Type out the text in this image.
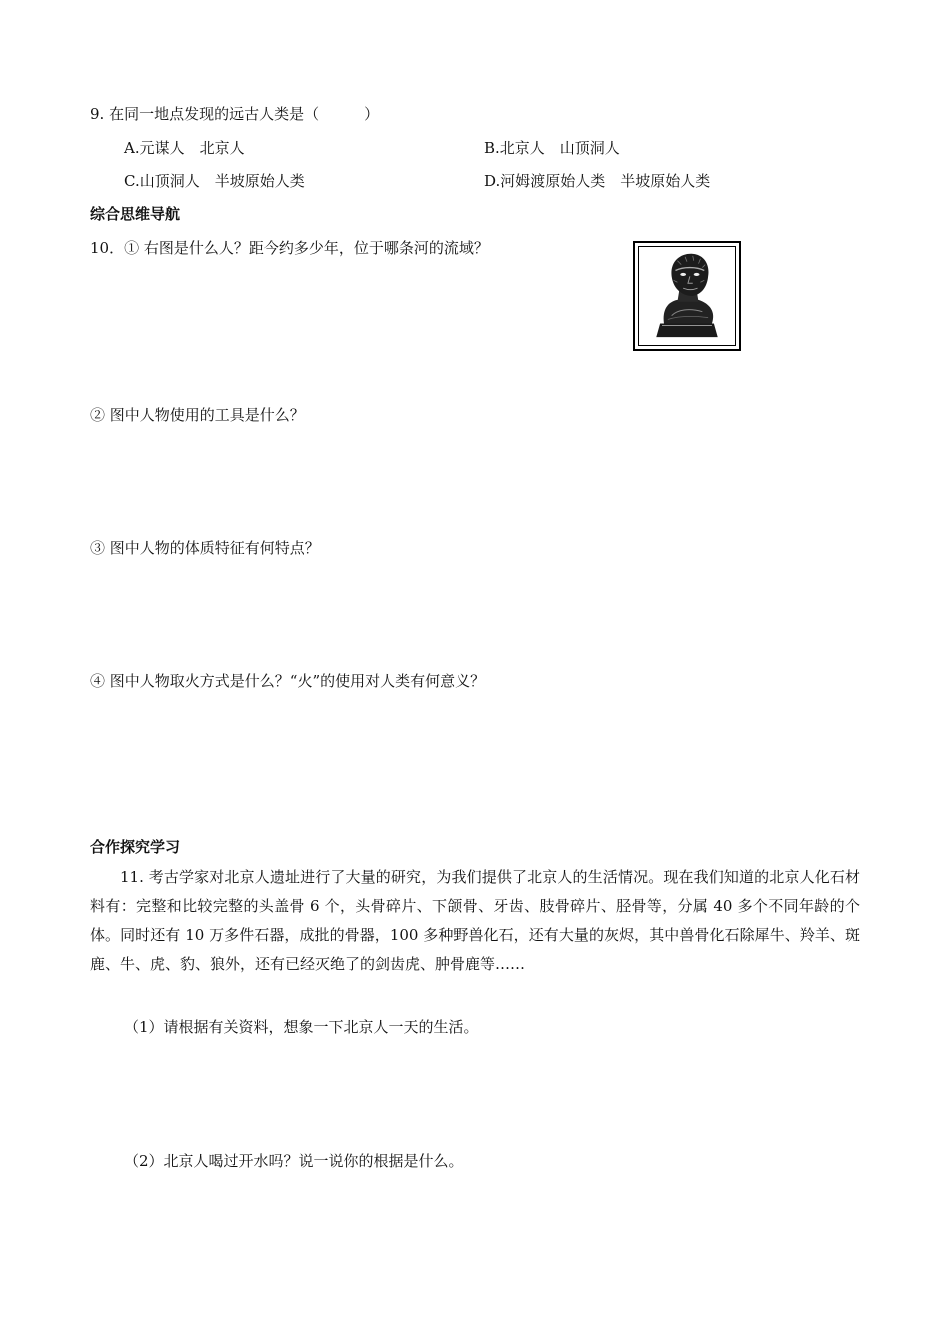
9. 在同一地点发现的远古人类是（　　　）
A.元谋人　北京人	B.北京人　山顶洞人
C.山顶洞人　半坡原始人类	D.河姆渡原始人类　半坡原始人类
综合思维导航
10．① 右图是什么人？距今约多少年，位于哪条河的流域？
② 图中人物使用的工具是什么？
③ 图中人物的体质特征有何特点？
④ 图中人物取火方式是什么？“火”的使用对人类有何意义？
合作探究学习
11. 考古学家对北京人遗址进行了大量的研究，为我们提供了北京人的生活情况。现在我们知道的北京人化石材料有：完整和比较完整的头盖骨 6 个，头骨碎片、下颌骨、牙齿、肢骨碎片、胫骨等，分属 40 多个不同年龄的个体。同时还有 10 万多件石器，成批的骨器，100 多种野兽化石，还有大量的灰烬，其中兽骨化石除犀牛、羚羊、斑鹿、牛、虎、豹、狼外，还有已经灭绝了的剑齿虎、肿骨鹿等……
（1）请根据有关资料，想象一下北京人一天的生活。
（2）北京人喝过开水吗？说一说你的根据是什么。
